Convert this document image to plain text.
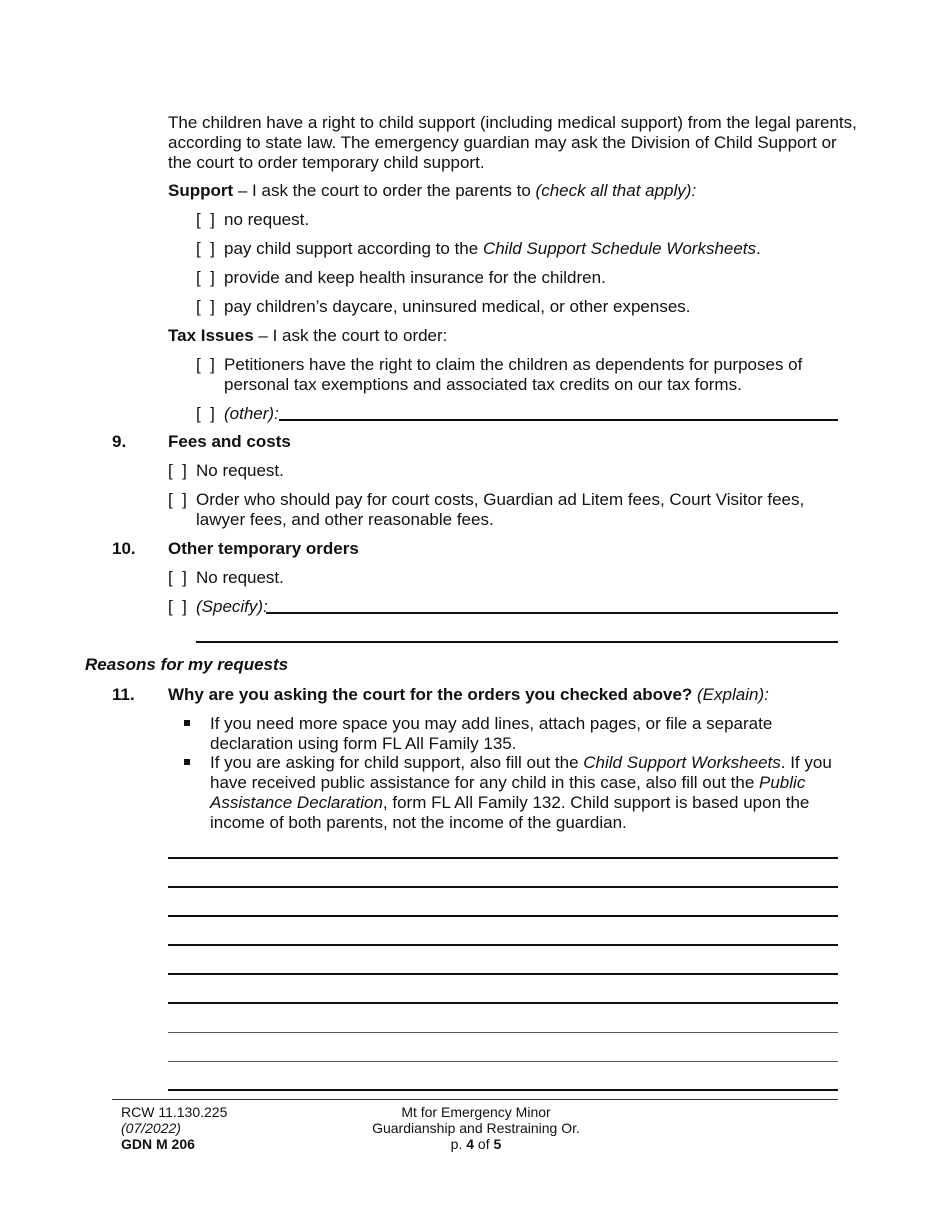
The children have a right to child support (including medical support) from the legal parents,
according to state law. The emergency guardian may ask the Division of Child Support or
the court to order temporary child support.
Support – I ask the court to order the parents to (check all that apply):
[  ] no request.
[  ] pay child support according to the Child Support Schedule Worksheets.
[  ] provide and keep health insurance for the children.
[  ] pay children’s daycare, uninsured medical, or other expenses.
Tax Issues – I ask the court to order:
[  ] Petitioners have the right to claim the children as dependents for purposes of
personal tax exemptions and associated tax credits on our tax forms.
[  ] (other):
9. Fees and costs
[  ] No request.
[  ] Order who should pay for court costs, Guardian ad Litem fees, Court Visitor fees,
lawyer fees, and other reasonable fees.
10. Other temporary orders
[  ] No request.
[  ] (Specify):
Reasons for my requests
11. Why are you asking the court for the orders you checked above? (Explain):
If you need more space you may add lines, attach pages, or file a separate
declaration using form FL All Family 135.
If you are asking for child support, also fill out the Child Support Worksheets. If you
have received public assistance for any child in this case, also fill out the Public
Assistance Declaration, form FL All Family 132. Child support is based upon the
income of both parents, not the income of the guardian.
RCW 11.130.225
(07/2022)
GDN M 206
Mt for Emergency Minor
Guardianship and Restraining Or.
p. 4 of 5
